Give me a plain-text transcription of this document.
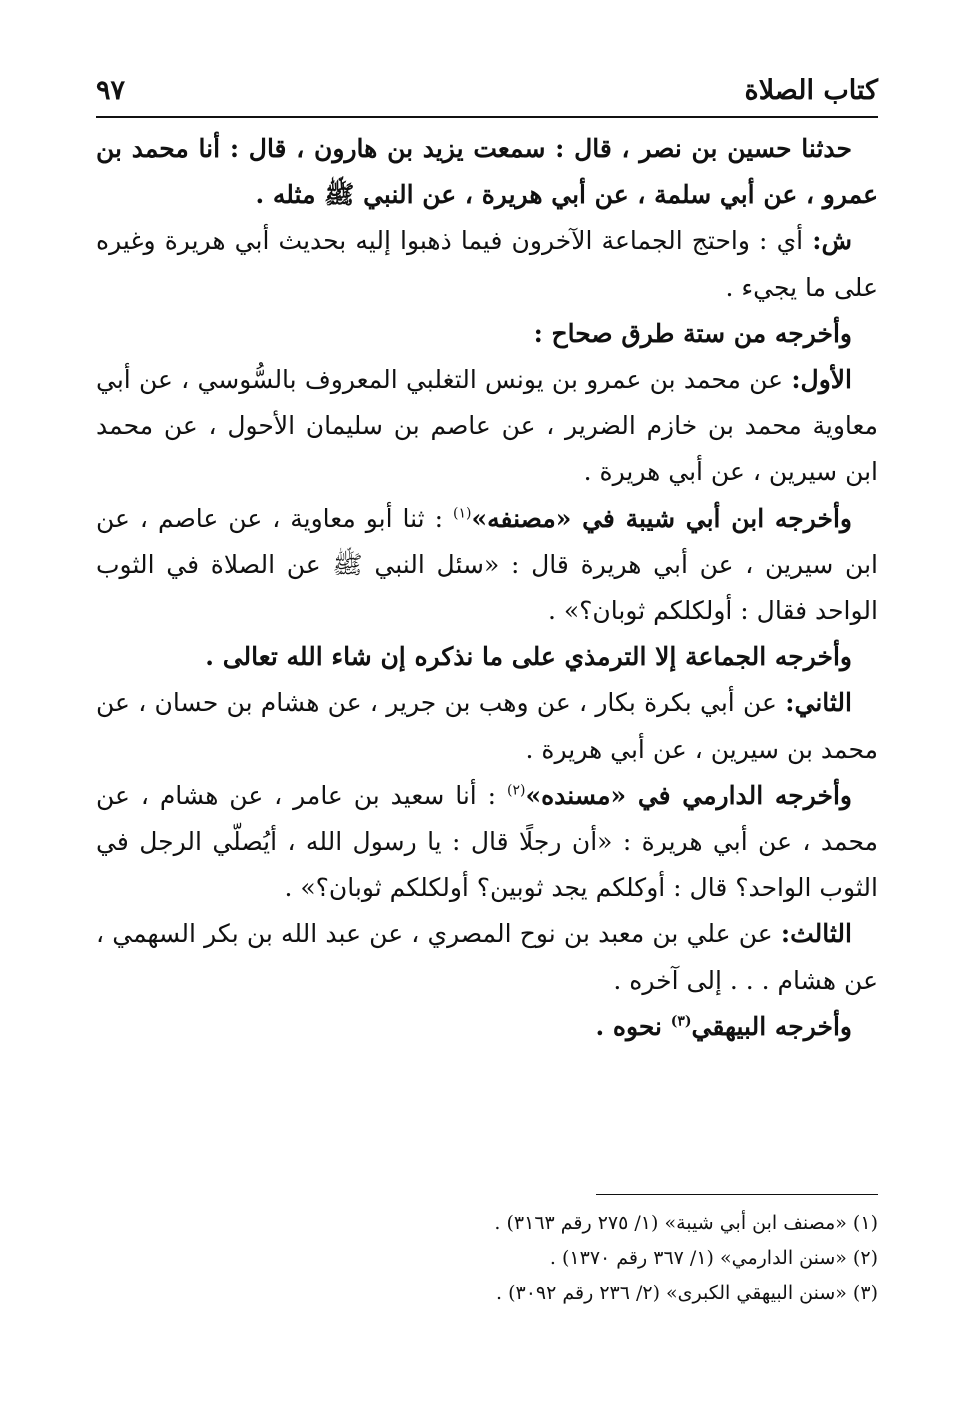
كتاب الصلاة
٩٧

حدثنا حسين بن نصر ، قال : سمعت يزيد بن هارون ، قال : أنا محمد بن عمرو ، عن أبي سلمة ، عن أبي هريرة ، عن النبي ﷺ مثله .

ش: أي : واحتج الجماعة الآخرون فيما ذهبوا إليه بحديث أبي هريرة وغيره على ما يجيء .

وأخرجه من ستة طرق صحاح :

الأول: عن محمد بن عمرو بن يونس التغلبي المعروف بالسُّوسي ، عن أبي معاوية محمد بن خازم الضرير ، عن عاصم بن سليمان الأحول ، عن محمد ابن سيرين ، عن أبي هريرة .

وأخرجه ابن أبي شيبة في «مصنفه»$^{(١)}$ : ثنا أبو معاوية ، عن عاصم ، عن ابن سيرين ، عن أبي هريرة قال : «سئل النبي ﷺ عن الصلاة في الثوب الواحد فقال : أولكلكم ثوبان؟» .

وأخرجه الجماعة إلا الترمذي على ما نذكره إن شاء الله تعالى .

الثاني: عن أبي بكرة بكار ، عن وهب بن جرير ، عن هشام بن حسان ، عن محمد بن سيرين ، عن أبي هريرة .

وأخرجه الدارمي في «مسنده»$^{(٢)}$ : أنا سعيد بن عامر ، عن هشام ، عن محمد ، عن أبي هريرة : «أن رجلًا قال : يا رسول الله ، أيُصلّي الرجل في الثوب الواحد؟ قال : أوكلكم يجد ثوبين؟ أولكلكم ثوبان؟» .

الثالث: عن علي بن معبد بن نوح المصري ، عن عبد الله بن بكر السهمي ، عن هشام . . . إلى آخره .

وأخرجه البيهقي$^{(٣)}$ نحوه .

(١) «مصنف ابن أبي شيبة» (١/ ٢٧٥ رقم ٣١٦٣) .
(٢) «سنن الدارمي» (١/ ٣٦٧ رقم ١٣٧٠) .
(٣) «سنن البيهقي الكبرى» (٢/ ٢٣٦ رقم ٣٠٩٢) .
